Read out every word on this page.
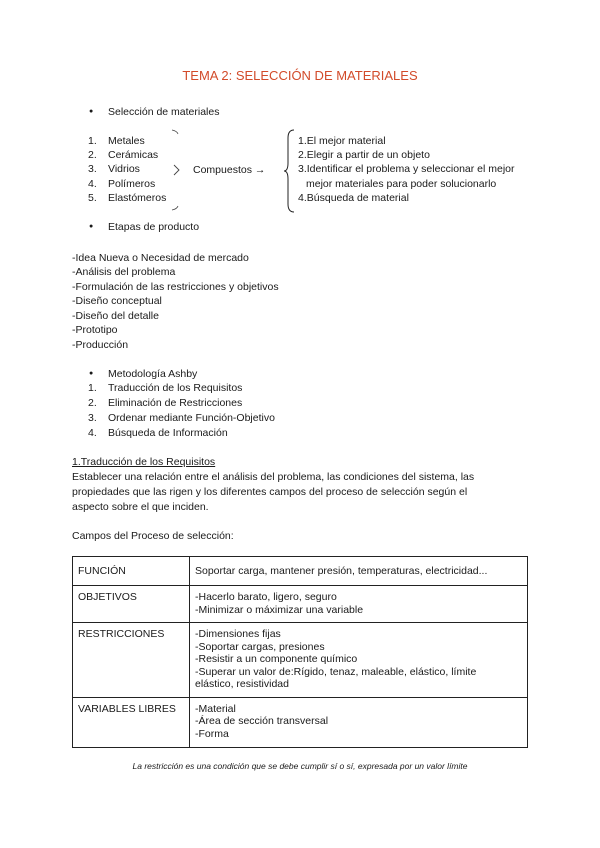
TEMA 2: SELECCIÓN DE MATERIALES
● Selección de materiales
1. Metales
2. Cerámicas
3. Vidrios
4. Polímeros
5. Elastómeros
Compuestos →
1.El mejor material
2.Elegir a partir de un objeto
3.Identificar el problema y seleccionar el mejor
mejor materiales para poder solucionarlo
4.Búsqueda de material
● Etapas de producto
-Idea Nueva o Necesidad de mercado
-Análisis del problema
-Formulación de las restricciones y objetivos
-Diseño conceptual
-Diseño del detalle
-Prototipo
-Producción
● Metodología Ashby
1. Traducción de los Requisitos
2. Eliminación de Restricciones
3. Ordenar mediante Función-Objetivo
4. Búsqueda de Información
1.Traducción de los Requisitos
Establecer una relación entre el análisis del problema, las condiciones del sistema, las
propiedades que las rigen y los diferentes campos del proceso de selección según el
aspecto sobre el que inciden.
Campos del Proceso de selección:
FUNCIÓN	Soportar carga, mantener presión, temperaturas, electricidad...

OBJETIVOS	-Hacerlo barato, ligero, seguro
-Minimizar o máximizar una variable

RESTRICCIONES	-Dimensiones fijas
-Soportar cargas, presiones
-Resistir a un componente químico
-Superar un valor de:Rígido, tenaz, maleable, elástico, límite
elástico, resistividad

VARIABLES LIBRES	-Material
-Área de sección transversal
-Forma
La restricción es una condición que se debe cumplir sí o sí, expresada por un valor límite
